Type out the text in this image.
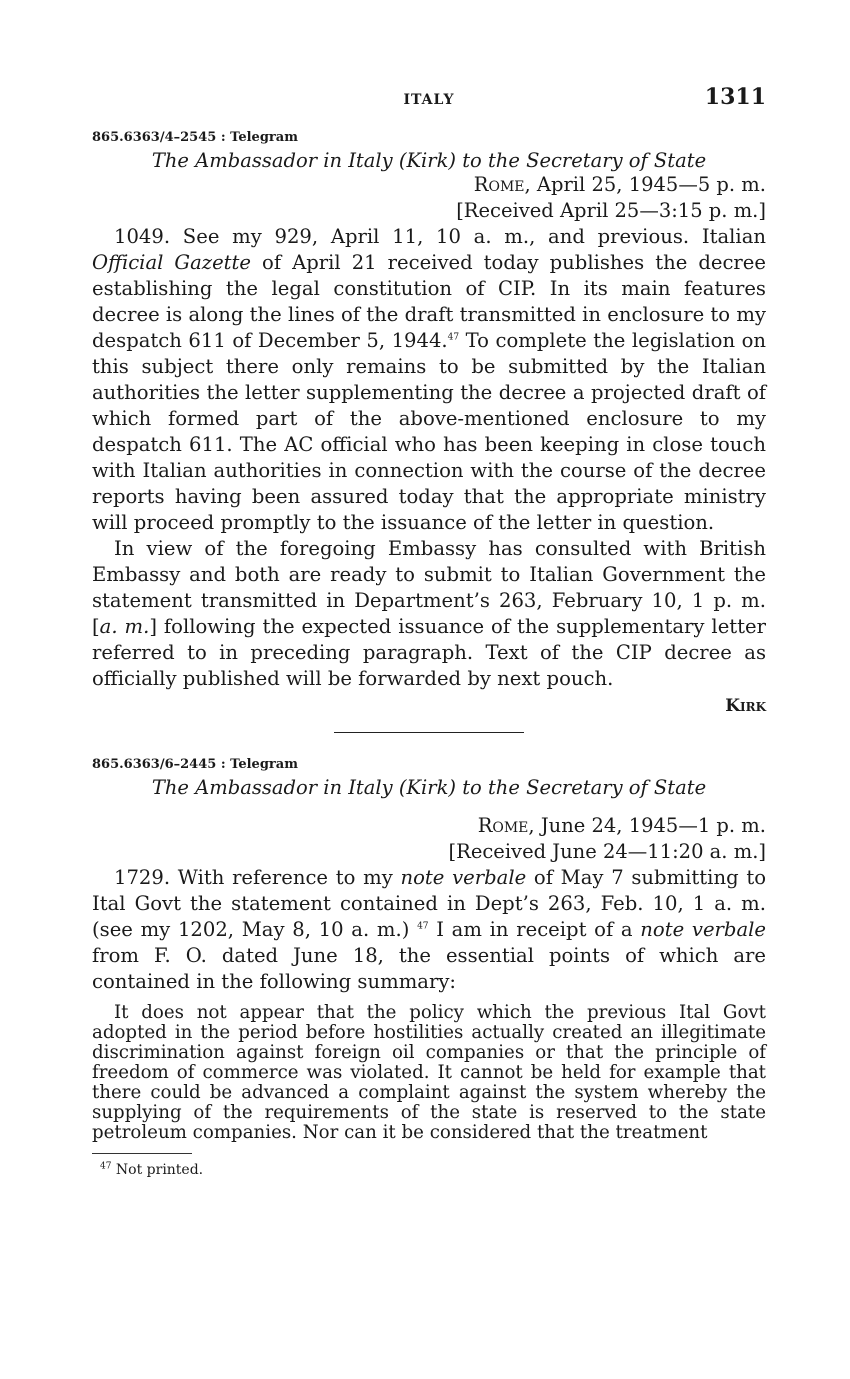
ITALY	1311
865.6363/4–2545 : Telegram
The Ambassador in Italy (Kirk) to the Secretary of State
Rome, April 25, 1945—5 p. m.
[Received April 25—3:15 p. m.]

1049. See my 929, April 11, 10 a. m., and previous. Italian Official Gazette of April 21 received today publishes the decree establishing the legal constitution of CIP. In its main features decree is along the lines of the draft transmitted in enclosure to my despatch 611 of December 5, 1944.47 To complete the legislation on this subject there only remains to be submitted by the Italian authorities the letter supplementing the decree a projected draft of which formed part of the above-mentioned enclosure to my despatch 611. The AC official who has been keeping in close touch with Italian authorities in connection with the course of the decree reports having been assured today that the appropriate ministry will proceed promptly to the issuance of the letter in question.

In view of the foregoing Embassy has consulted with British Embassy and both are ready to submit to Italian Government the statement transmitted in Department’s 263, February 10, 1 p. m. [a. m.] following the expected issuance of the supplementary letter referred to in preceding paragraph. Text of the CIP decree as officially published will be forwarded by next pouch.

Kirk
865.6363/6–2445 : Telegram
The Ambassador in Italy (Kirk) to the Secretary of State
Rome, June 24, 1945—1 p. m.
[Received June 24—11:20 a. m.]

1729. With reference to my note verbale of May 7 submitting to Ital Govt the statement contained in Dept’s 263, Feb. 10, 1 a. m. (see my 1202, May 8, 10 a. m.) $^{47}$ I am in receipt of a note verbale from F. O. dated June 18, the essential points of which are contained in the following summary:

It does not appear that the policy which the previous Ital Govt adopted in the period before hostilities actually created an illegitimate discrimination against foreign oil companies or that the principle of freedom of commerce was violated. It cannot be held for example that there could be advanced a complaint against the system whereby the supplying of the requirements of the state is reserved to the state petroleum companies. Nor can it be considered that the treatment

$^{47}$ Not printed.
